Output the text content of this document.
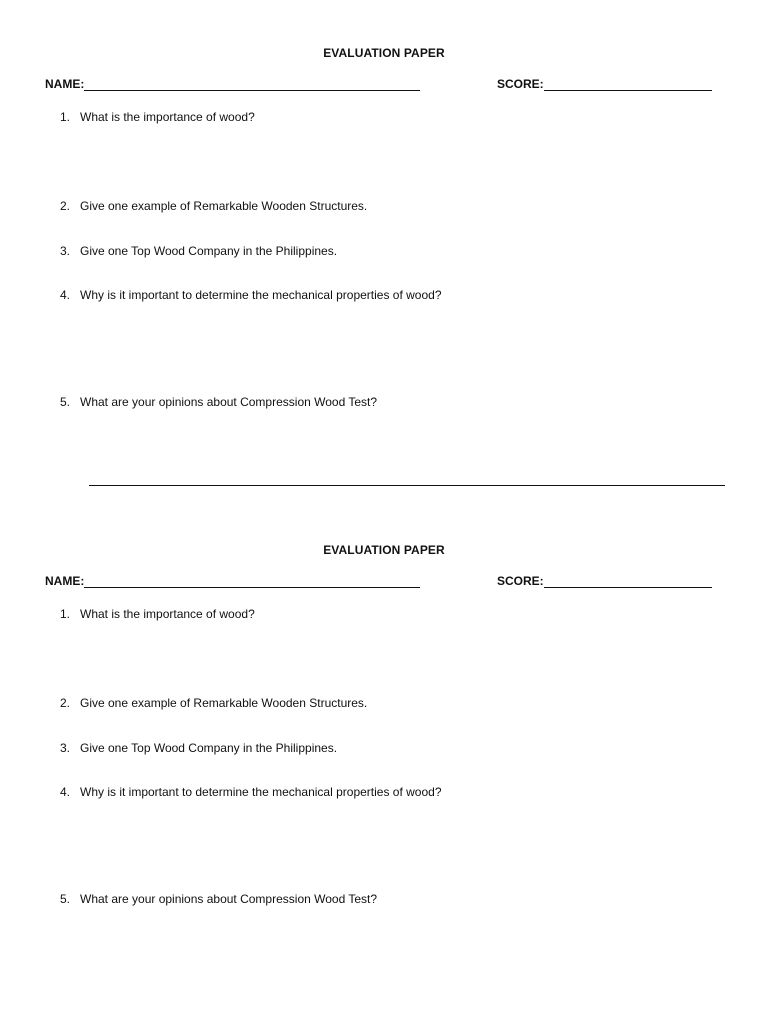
EVALUATION PAPER
NAME:	SCORE:
1. What is the importance of wood?
2. Give one example of Remarkable Wooden Structures.
3. Give one Top Wood Company in the Philippines.
4. Why is it important to determine the mechanical properties of wood?
5. What are your opinions about Compression Wood Test?
EVALUATION PAPER
NAME:	SCORE:
1. What is the importance of wood?
2. Give one example of Remarkable Wooden Structures.
3. Give one Top Wood Company in the Philippines.
4. Why is it important to determine the mechanical properties of wood?
5. What are your opinions about Compression Wood Test?
